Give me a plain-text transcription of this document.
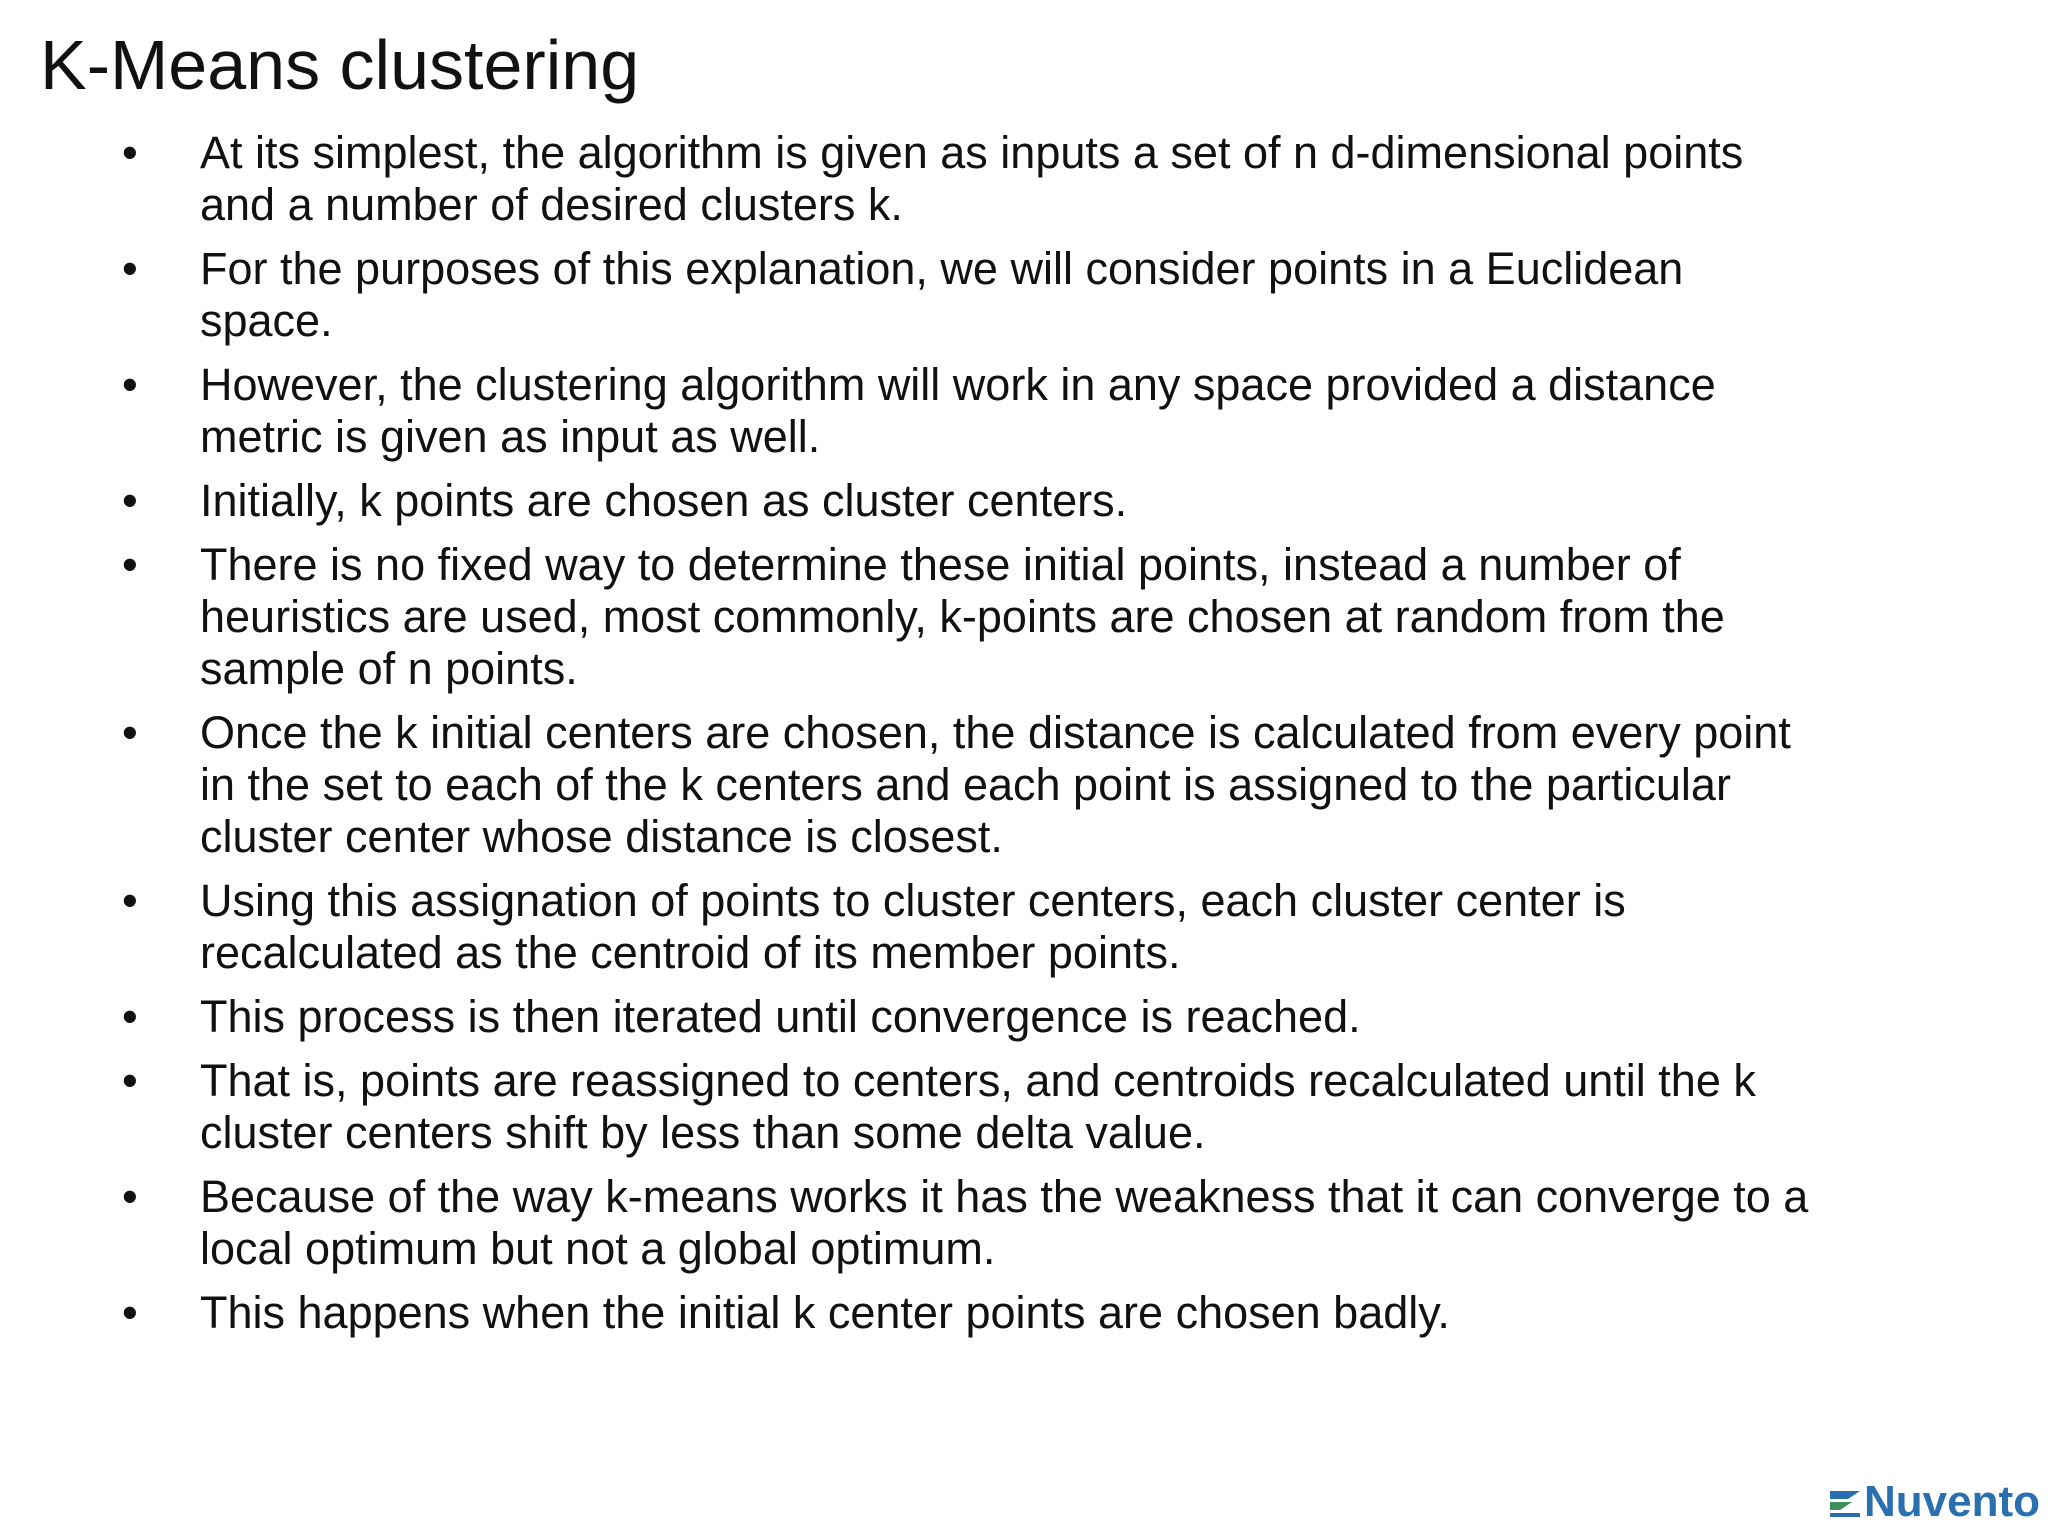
K-Means clustering
•	At its simplest, the algorithm is given as inputs a set of n d-dimensional points
and a number of desired clusters k.
•	For the purposes of this explanation, we will consider points in a Euclidean
space.
•	However, the clustering algorithm will work in any space provided a distance
metric is given as input as well.
•	Initially, k points are chosen as cluster centers.
•	There is no fixed way to determine these initial points, instead a number of
heuristics are used, most commonly, k-points are chosen at random from the
sample of n points.
•	Once the k initial centers are chosen, the distance is calculated from every point
in the set to each of the k centers and each point is assigned to the particular
cluster center whose distance is closest.
•	Using this assignation of points to cluster centers, each cluster center is
recalculated as the centroid of its member points.
•	This process is then iterated until convergence is reached.
•	That is, points are reassigned to centers, and centroids recalculated until the k
cluster centers shift by less than some delta value.
•	Because of the way k-means works it has the weakness that it can converge to a
local optimum but not a global optimum.
•	This happens when the initial k center points are chosen badly.
Nuvento
